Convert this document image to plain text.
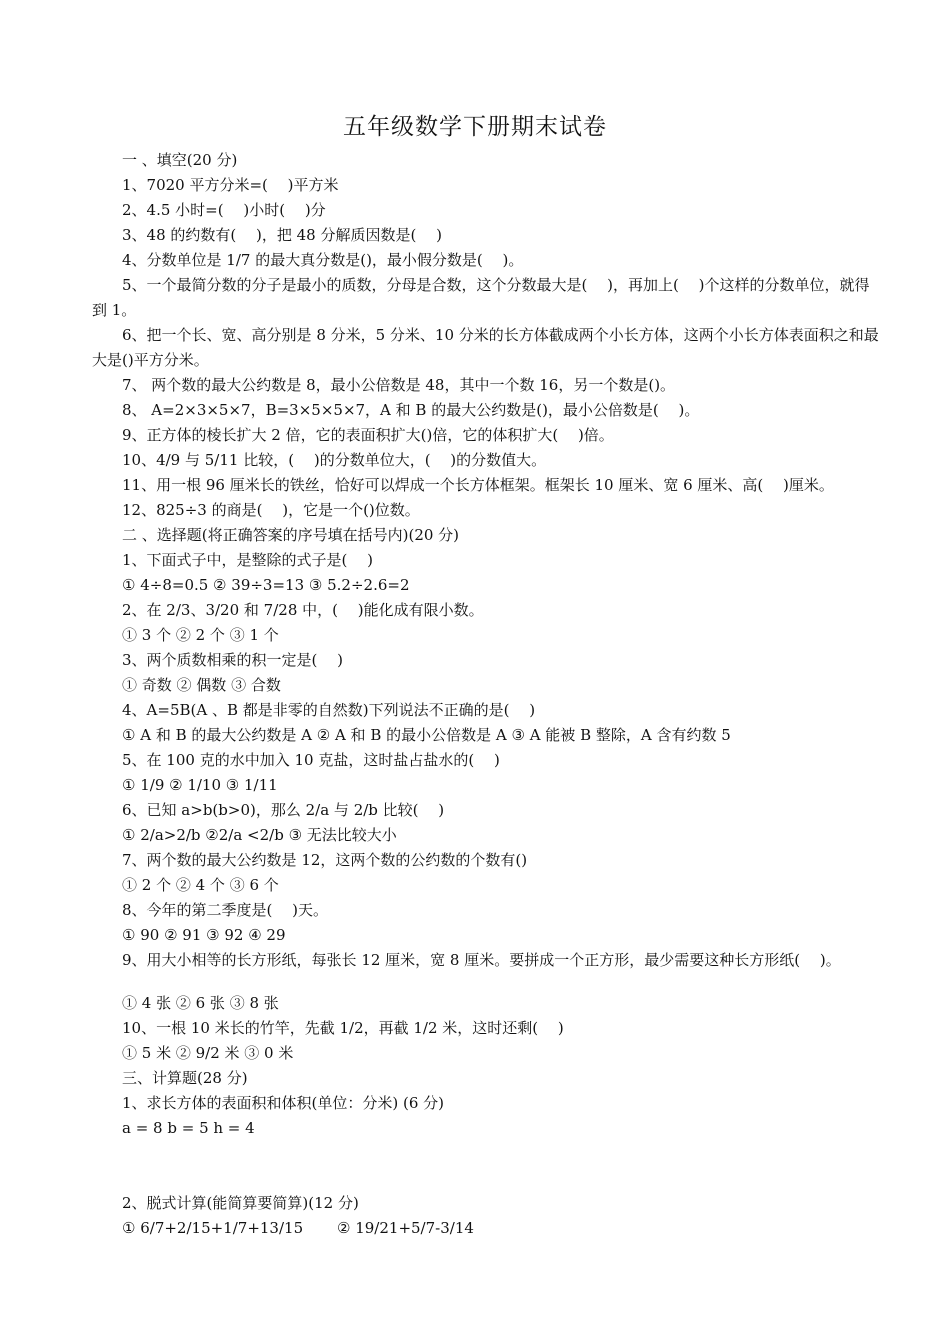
五年级数学下册期末试卷
一 、填空(20 分)
1、7020 平方分米=(　 )平方米
2、4.5 小时=(　 )小时(　 )分
3、48 的约数有(　 )，把 48 分解质因数是(　 )
4、分数单位是 1/7 的最大真分数是()，最小假分数是(　 )。
5、一个最简分数的分子是最小的质数，分母是合数，这个分数最大是(　 )，再加上(　 )个这样的分数单位，就得到 1。
6、把一个长、宽、高分别是 8 分米，5 分米、10 分米的长方体截成两个小长方体，这两个小长方体表面积之和最大是()平方分米。
7、 两个数的最大公约数是 8，最小公倍数是 48，其中一个数 16，另一个数是()。
8、 A=2×3×5×7，B=3×5×5×7，A 和 B 的最大公约数是()，最小公倍数是(　 )。
9、正方体的棱长扩大 2 倍，它的表面积扩大()倍，它的体积扩大(　 )倍。
10、4/9 与 5/11 比较，(　 )的分数单位大，(　 )的分数值大。
11、用一根 96 厘米长的铁丝，恰好可以焊成一个长方体框架。框架长 10 厘米、宽 6 厘米、高(　 )厘米。
12、825÷3 的商是(　 )，它是一个()位数。
二 、选择题(将正确答案的序号填在括号内)(20 分)
1、下面式子中，是整除的式子是(　 )
① 4÷8=0.5 ② 39÷3=13 ③ 5.2÷2.6=2
2、在 2/3、3/20 和 7/28 中，(　 )能化成有限小数。
① 3 个 ② 2 个 ③ 1 个
3、两个质数相乘的积一定是(　 )
① 奇数 ② 偶数 ③ 合数
4、A=5B(A 、B 都是非零的自然数)下列说法不正确的是(　 )
① A 和 B 的最大公约数是 A ② A 和 B 的最小公倍数是 A ③ A 能被 B 整除，A 含有约数 5
5、在 100 克的水中加入 10 克盐，这时盐占盐水的(　 )
① 1/9 ② 1/10 ③ 1/11
6、已知 a>b(b>0)，那么 2/a 与 2/b 比较(　 )
① 2/a>2/b ②2/a <2/b ③ 无法比较大小
7、两个数的最大公约数是 12，这两个数的公约数的个数有()
① 2 个 ② 4 个 ③ 6 个
8、今年的第二季度是(　 )天。
① 90 ② 91 ③ 92 ④ 29
9、用大小相等的长方形纸，每张长 12 厘米，宽 8 厘米。要拼成一个正方形，最少需要这种长方形纸(　 )。
① 4 张 ② 6 张 ③ 8 张
10、一根 10 米长的竹竿，先截 1/2，再截 1/2 米，这时还剩(　 )
① 5 米 ② 9/2 米 ③ 0 米
三、计算题(28 分)
1、求长方体的表面积和体积(单位：分米) (6 分)
a = 8 b = 5 h = 4
2、脱式计算(能简算要简算)(12 分)
① 6/7+2/15+1/7+13/15	② 19/21+5/7-3/14
